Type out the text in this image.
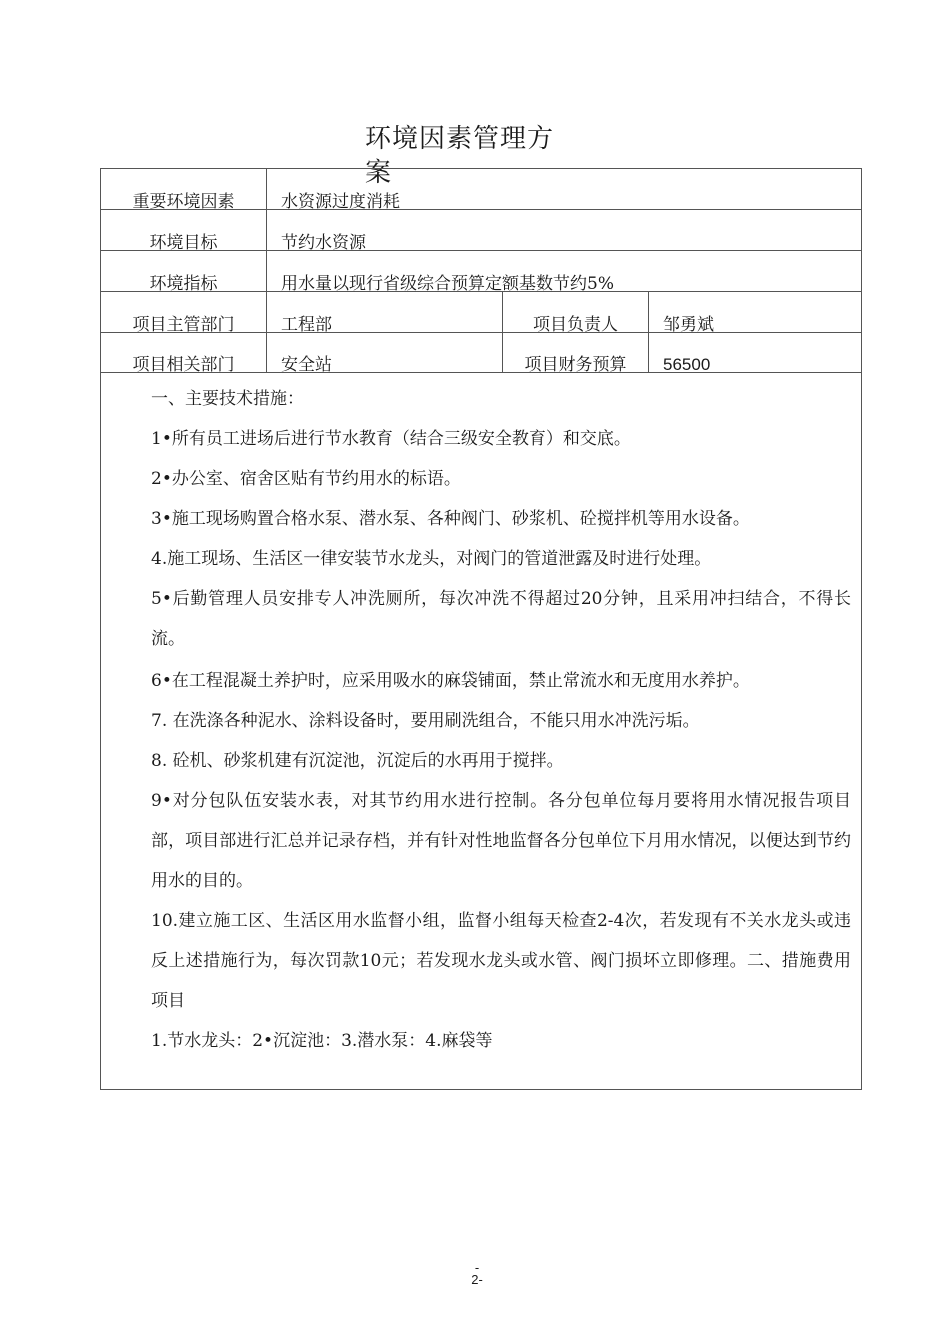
环境因素管理方案
重要环境因素	水资源过度消耗
环境目标	节约水资源
环境指标	用水量以现行省级综合预算定额基数节约5%
项目主管部门	工程部	项目负责人	邹勇斌
项目相关部门	安全站	项目财务预算	56500
一、主要技术措施：
1•所有员工进场后进行节水教育（结合三级安全教育）和交底。
2•办公室、宿舍区贴有节约用水的标语。
3•施工现场购置合格水泵、潜水泵、各种阀门、砂浆机、砼搅拌机等用水设备。
4.施工现场、生活区一律安装节水龙头，对阀门的管道泄露及时进行处理。
5•后勤管理人员安排专人冲洗厕所，每次冲洗不得超过20分钟，且采用冲扫结合，不得长流。
6•在工程混凝土养护时，应采用吸水的麻袋铺面，禁止常流水和无度用水养护。
7. 在洗涤各种泥水、涂料设备时，要用刷洗组合，不能只用水冲洗污垢。
8. 砼机、砂浆机建有沉淀池，沉淀后的水再用于搅拌。
9•对分包队伍安装水表，对其节约用水进行控制。各分包单位每月要将用水情况报告项目部，项目部进行汇总并记录存档，并有针对性地监督各分包单位下月用水情况，以便达到节约用水的目的。
10.建立施工区、生活区用水监督小组，监督小组每天检查2-4次，若发现有不关水龙头或违反上述措施行为，每次罚款10元；若发现水龙头或水管、阀门损坏立即修理。二、措施费用项目
1.节水龙头：2•沉淀池：3.潜水泵：4.麻袋等
-
2-
